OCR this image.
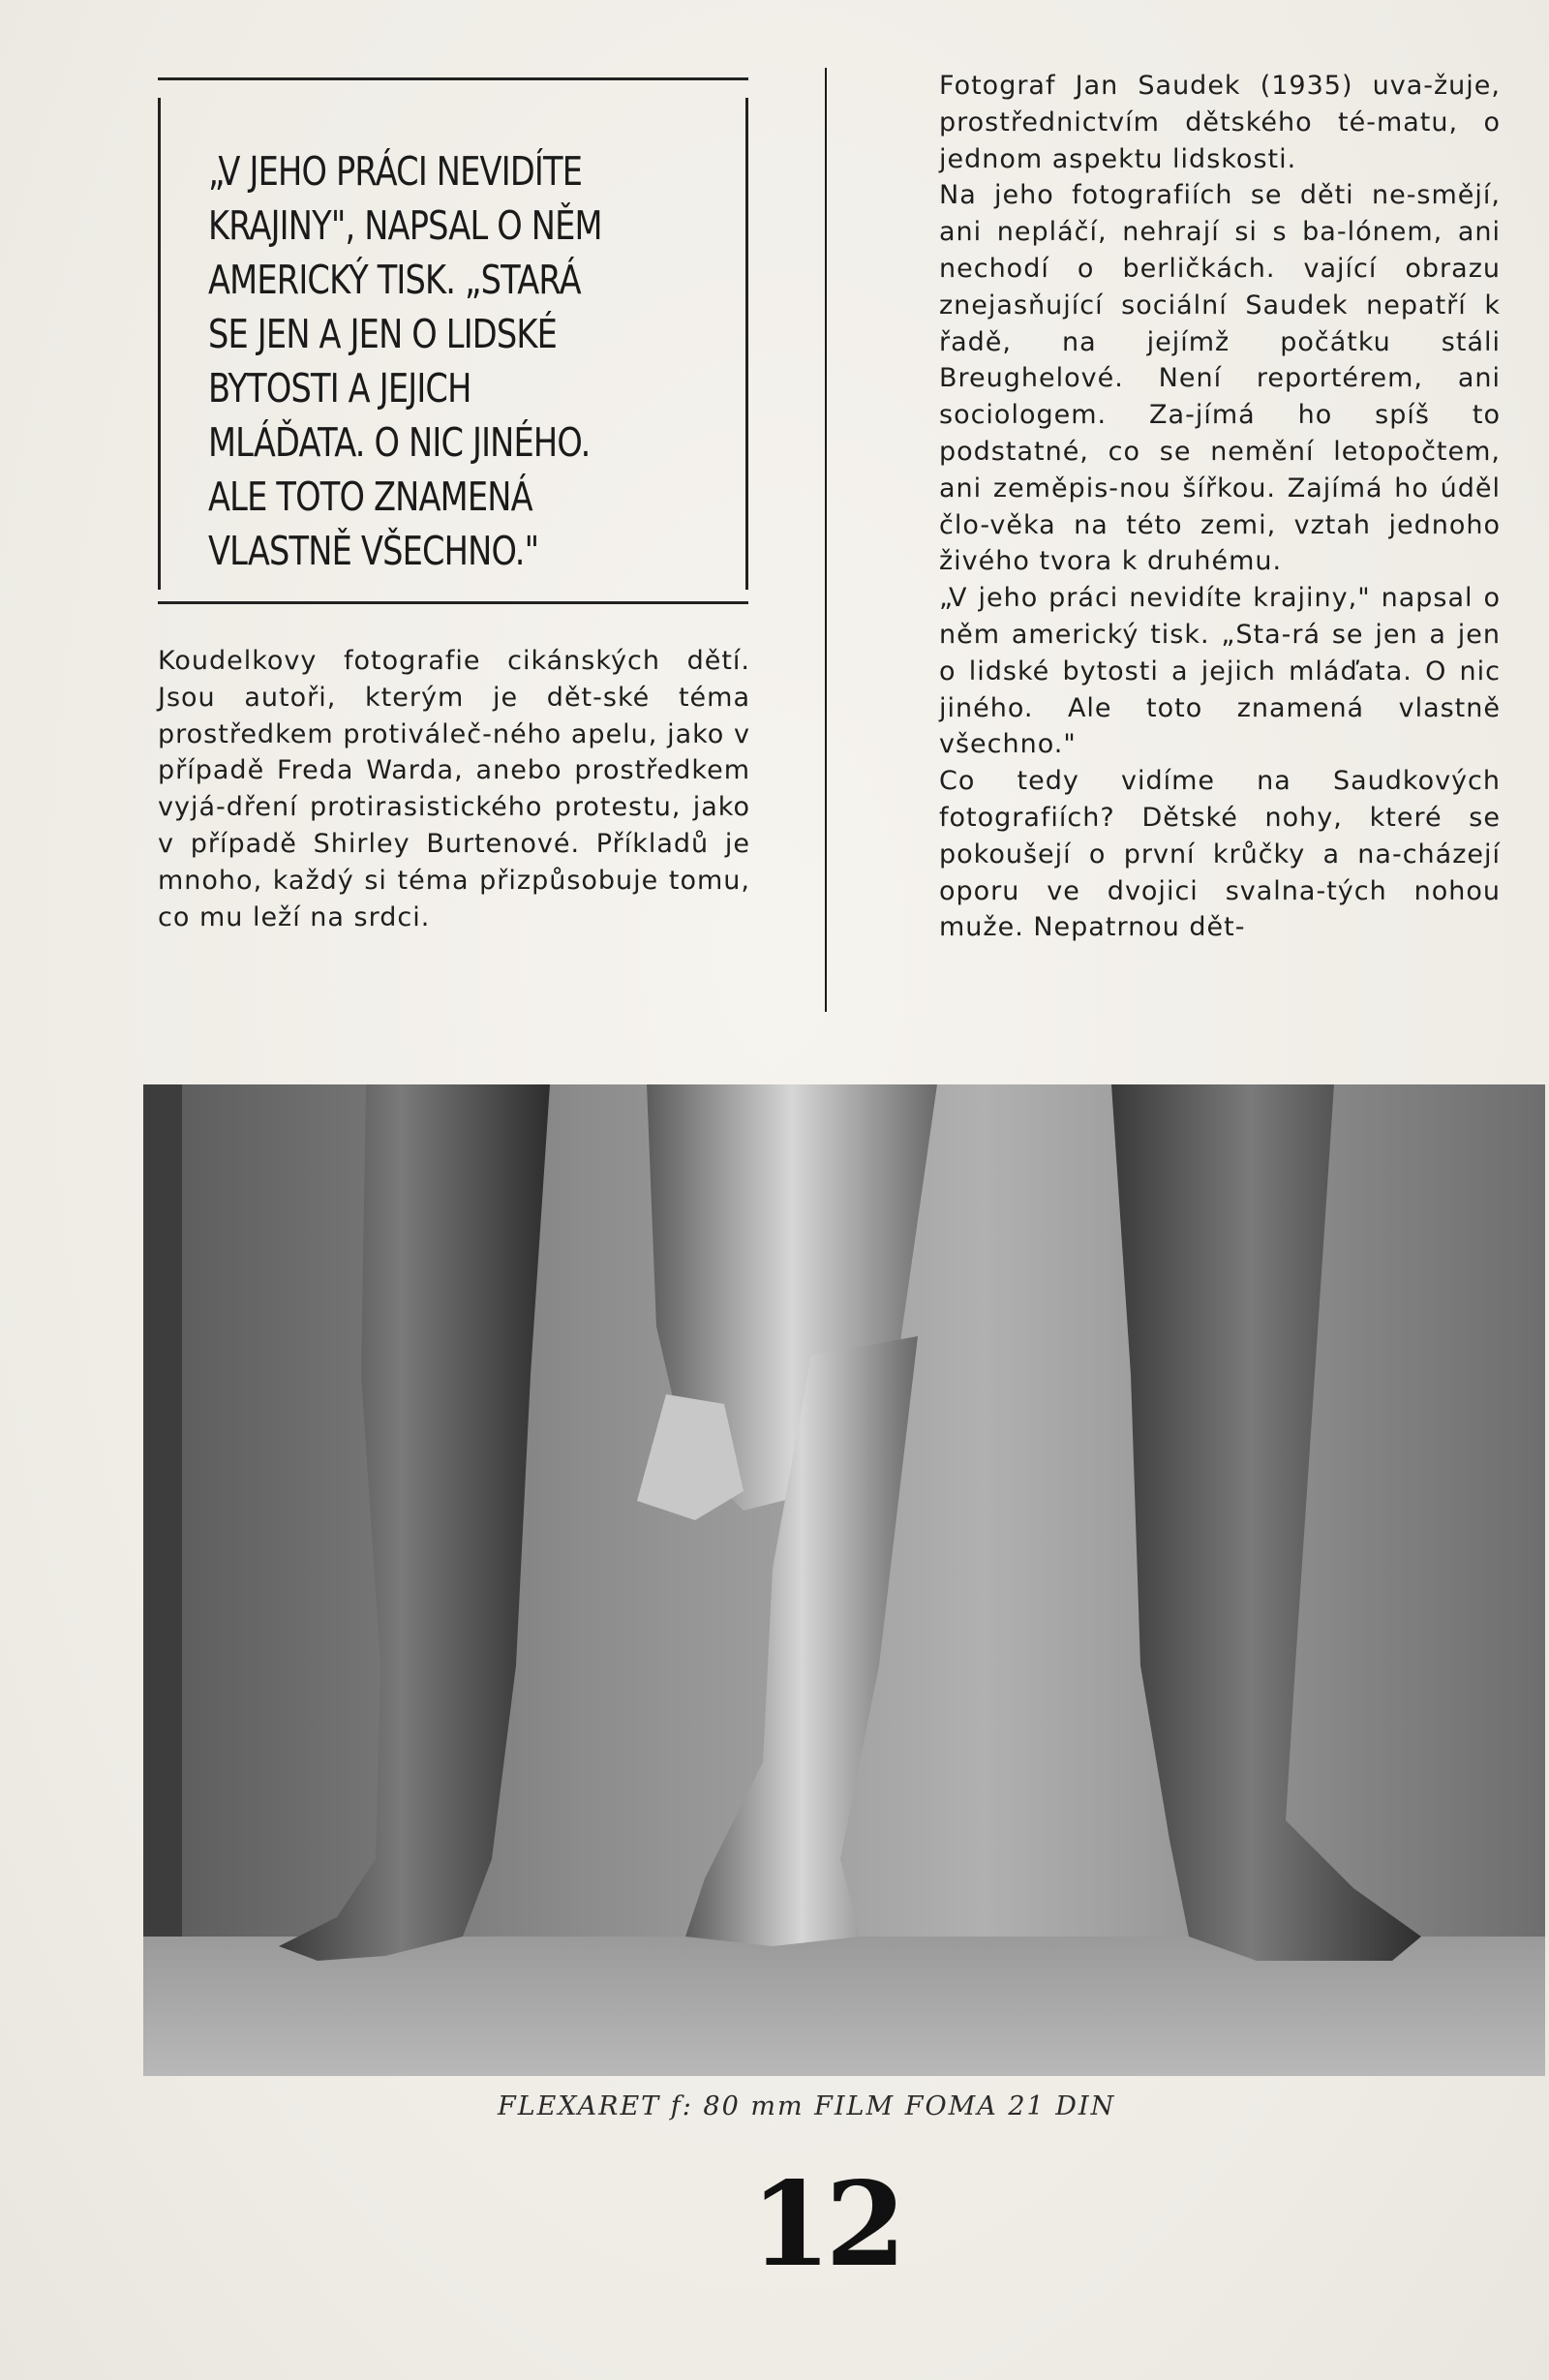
„V JEHO PRÁCI NEVIDÍTE
KRAJINY", NAPSAL O NĚM
AMERICKÝ TISK. „STARÁ
SE JEN A JEN O LIDSKÉ
BYTOSTI A JEJICH
MLÁĎATA. O NIC JINÉHO.
ALE TOTO ZNAMENÁ
VLASTNĚ VŠECHNO."

Koudelkovy fotografie cikánských dětí. Jsou autoři, kterým je dět-ské téma prostředkem protiváleč-ného apelu, jako v případě Freda Warda, anebo prostředkem vyjá-dření protirasistického protestu, jako v případě Shirley Burtenové. Příkladů je mnoho, každý si téma přizpůsobuje tomu, co mu leží na srdci.

Fotograf Jan Saudek (1935) uva-žuje, prostřednictvím dětského té-matu, o jednom aspektu lidskosti.

Na jeho fotografiích se děti ne-smějí, ani nepláčí, nehrají si s ba-lónem, ani nechodí o berličkách. vající obrazu znejasňující sociální Saudek nepatří k řadě, na jejímž počátku stáli Breughelové. Není reportérem, ani sociologem. Za-jímá ho spíš to podstatné, co se nemění letopočtem, ani zeměpis-nou šířkou. Zajímá ho úděl člo-věka na této zemi, vztah jednoho živého tvora k druhému.

„V jeho práci nevidíte krajiny," napsal o něm americký tisk. „Sta-rá se jen a jen o lidské bytosti a jejich mláďata. O nic jiného. Ale toto znamená vlastně všechno."

Co tedy vidíme na Saudkových fotografiích? Dětské nohy, které se pokoušejí o první krůčky a na-cházejí oporu ve dvojici svalna-tých nohou muže. Nepatrnou dět-

FLEXARET f: 80 mm FILM FOMA 21 DIN

12
